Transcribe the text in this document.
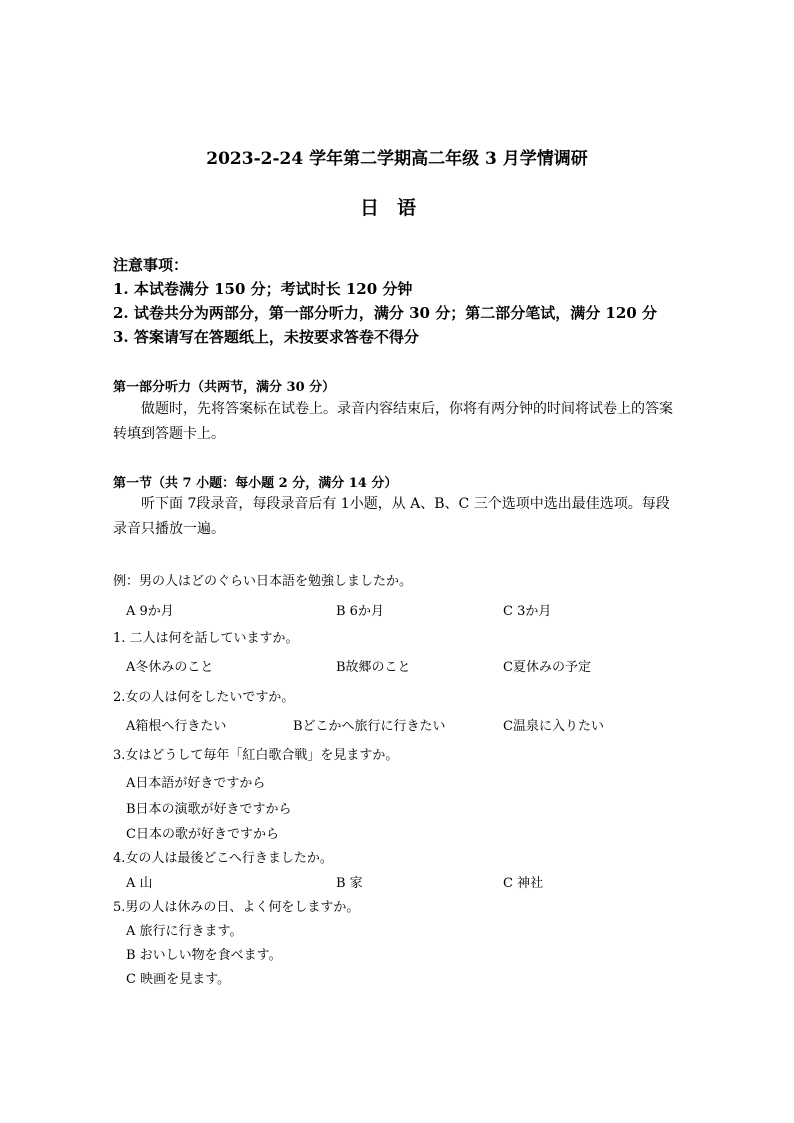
2023-2-24 学年第二学期高二年级 3 月学情调研
日语
注意事项：
1. 本试卷满分 150 分；考试时长 120 分钟
2. 试卷共分为两部分，第一部分听力，满分 30 分；第二部分笔试，满分 120 分
3. 答案请写在答题纸上，未按要求答卷不得分
第一部分听力（共两节，满分 30 分）
做题时，先将答案标在试卷上。录音内容结束后，你将有两分钟的时间将试卷上的答案转填到答题卡上。
第一节（共 7 小题：每小题 2 分，满分 14 分）
听下面 7段录音，每段录音后有 1小题，从 A、B、C 三个选项中选出最佳选项。每段录音只播放一遍。
例：男の人はどのぐらい日本語を勉強しましたか。
A 9か月	B 6か月	C 3か月
1. 二人は何を話していますか。
A冬休みのこと	B故郷のこと	C夏休みの予定
2.女の人は何をしたいですか。
A箱根へ行きたい	Bどこかへ旅行に行きたい	C温泉に入りたい
3.女はどうして毎年「紅白歌合戦」を見ますか。
A日本語が好きですから
B日本の演歌が好きですから
C日本の歌が好きですから
4.女の人は最後どこへ行きましたか。
A 山	B 家	C 神社
5.男の人は休みの日、よく何をしますか。
A 旅行に行きます。
B おいしい物を食べます。
C 映画を見ます。
